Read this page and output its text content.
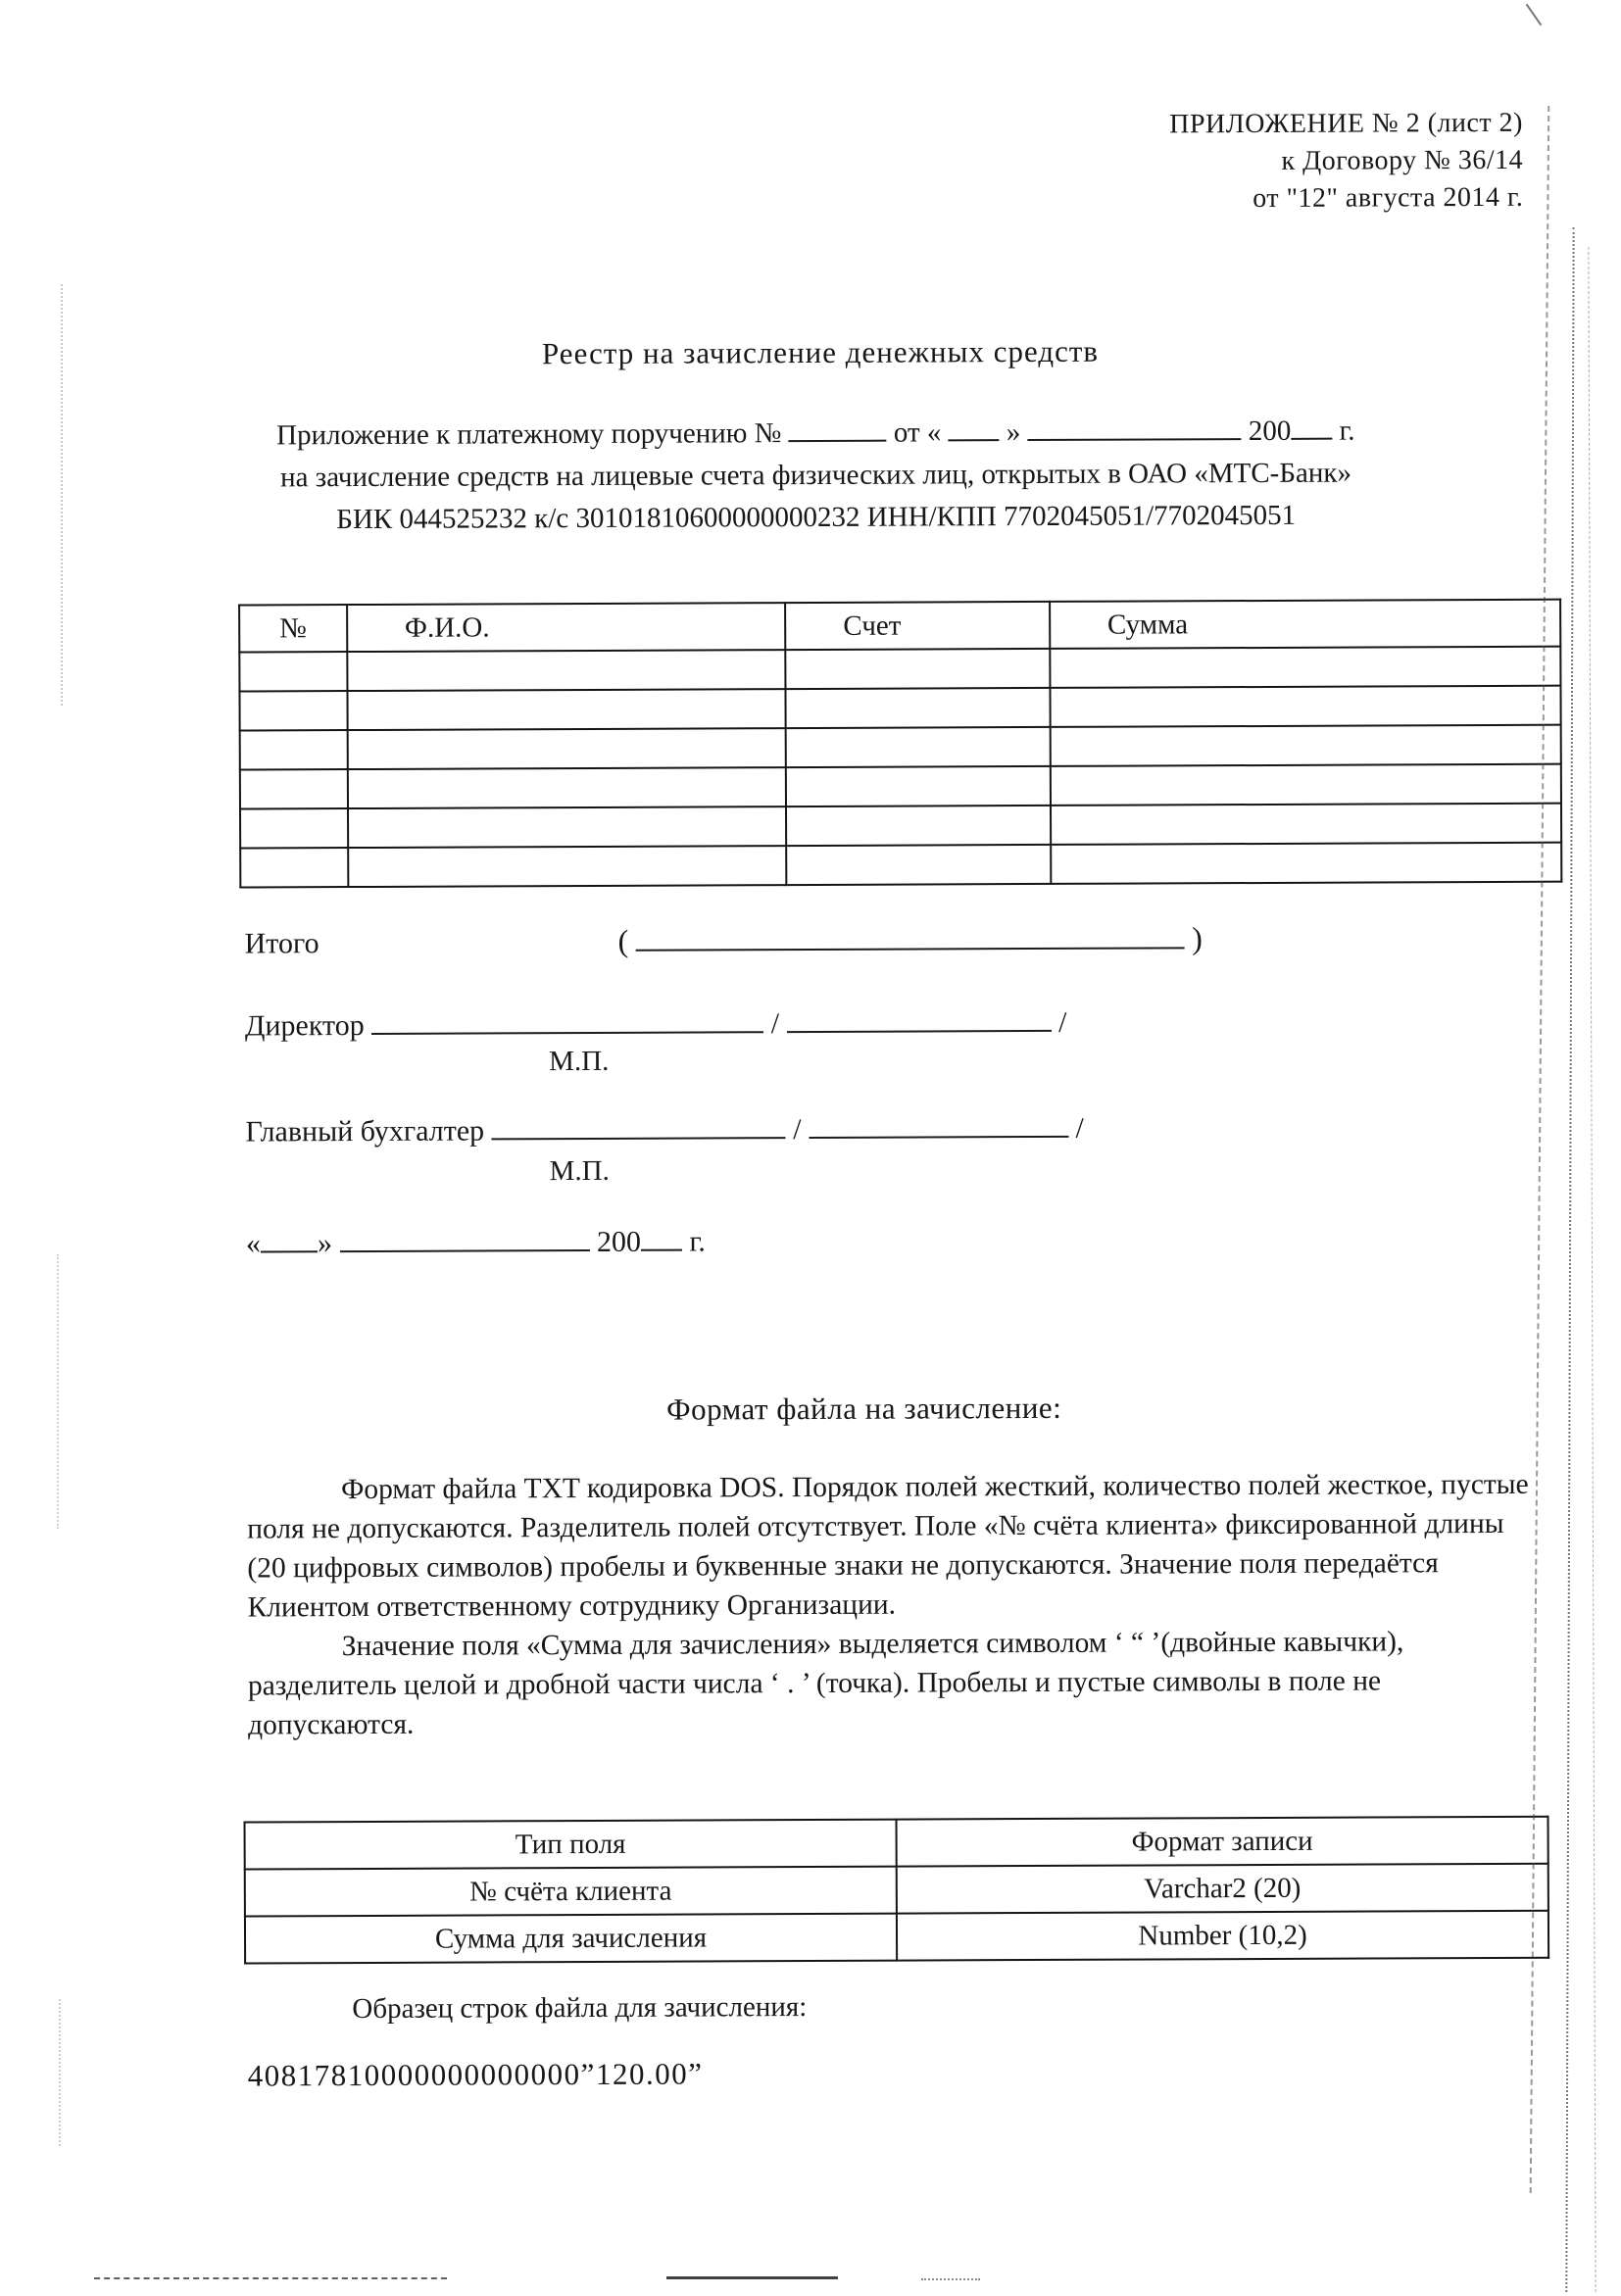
ПРИЛОЖЕНИЕ № 2 (лист 2)
к Договору № 36/14
от "12" августа 2014 г.
Реестр на зачисление денежных средств
Приложение к платежному поручению №	от « »	200 г.
на зачисление средств на лицевые счета физических лиц, открытых в ОАО «МТС-Банк»
БИК 044525232 к/с 30101810600000000232 ИНН/КПП 7702045051/7702045051
№	Ф.И.О.	Счет	Сумма

Итого	(	)
Директор	/	/
М.П.
Главный бухгалтер	/	/
М.П.
« »	200 г.
Формат файла на зачисление:

Формат файла TXT кодировка DOS. Порядок полей жесткий, количество полей жесткое, пустые поля не допускаются. Разделитель полей отсутствует. Поле «№ счёта клиента» фиксированной длины (20 цифровых символов) пробелы и буквенные знаки не допускаются. Значение поля передаётся Клиентом ответственному сотруднику Организации.

Значение поля «Сумма для зачисления» выделяется символом ‘ “ ’(двойные кавычки), разделитель целой и дробной части числа ‘ . ’ (точка). Пробелы и пустые символы в поле не допускаются.

Тип поля	Формат записи
№ счёта клиента	Varchar2 (20)
Сумма для зачисления	Number (10,2)
Образец строк файла для зачисления:
40817810000000000000”120.00”
